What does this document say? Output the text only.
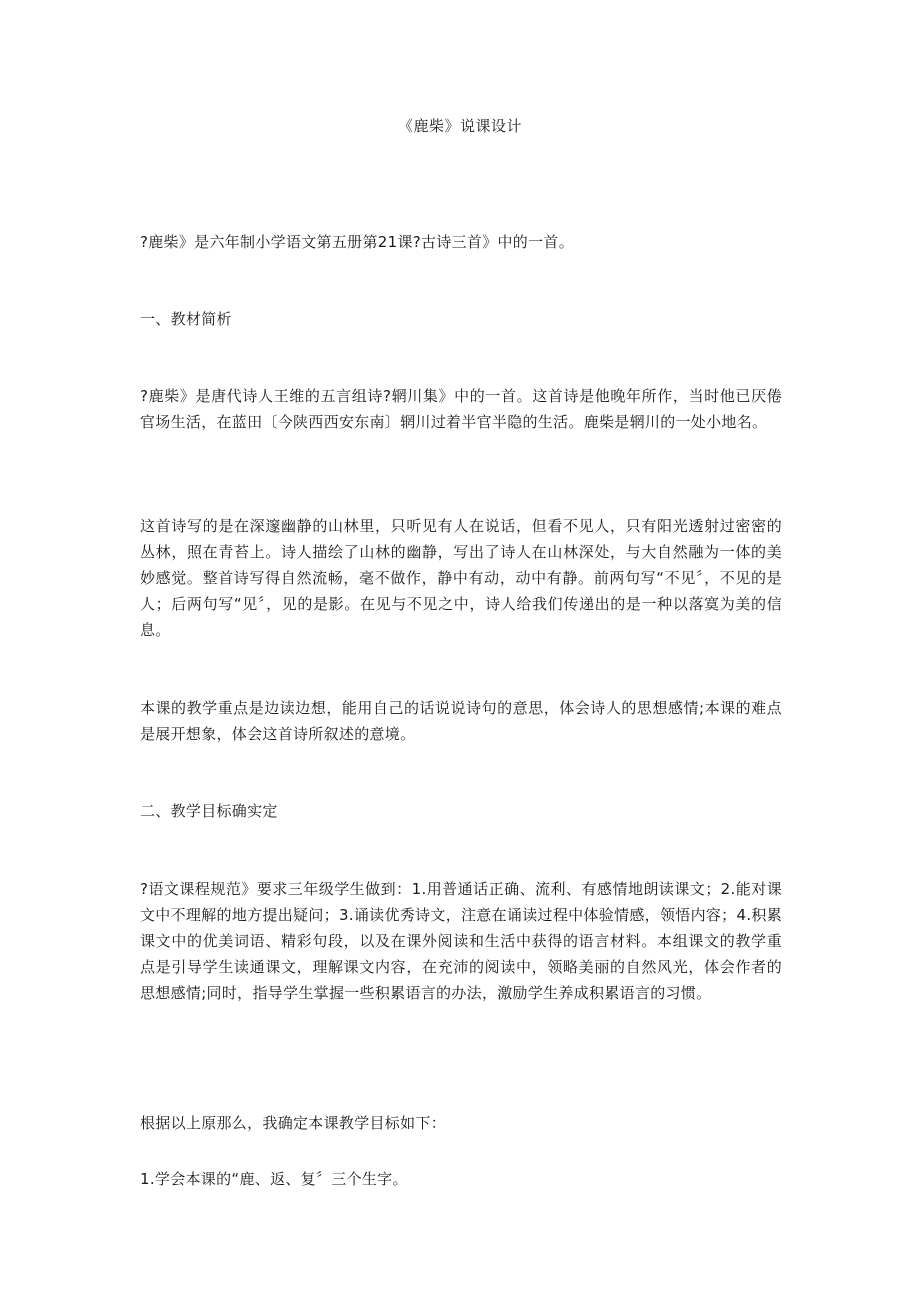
《鹿柴》说课设计

?鹿柴》是六年制小学语文第五册第21课?古诗三首》中的一首。

一、教材简析

?鹿柴》是唐代诗人王维的五言组诗?辋川集》中的一首。这首诗是他晚年所作，当时他已厌倦官场生活，在蓝田〔今陕西西安东南〕辋川过着半官半隐的生活。鹿柴是辋川的一处小地名。

这首诗写的是在深邃幽静的山林里，只听见有人在说话，但看不见人，只有阳光透射过密密的丛林，照在青苔上。诗人描绘了山林的幽静，写出了诗人在山林深处，与大自然融为一体的美妙感觉。整首诗写得自然流畅，毫不做作，静中有动，动中有静。前两句写“不见〞，不见的是人；后两句写“见〞，见的是影。在见与不见之中，诗人给我们传递出的是一种以落寞为美的信息。

本课的教学重点是边读边想，能用自己的话说说诗句的意思，体会诗人的思想感情;本课的难点是展开想象，体会这首诗所叙述的意境。

二、教学目标确实定

?语文课程规范》要求三年级学生做到：1.用普通话正确、流利、有感情地朗读课文；2.能对课文中不理解的地方提出疑问；3.诵读优秀诗文，注意在诵读过程中体验情感，领悟内容；4.积累课文中的优美词语、精彩句段，以及在课外阅读和生活中获得的语言材料。本组课文的教学重点是引导学生读通课文，理解课文内容，在充沛的阅读中，领略美丽的自然风光，体会作者的思想感情;同时，指导学生掌握一些积累语言的办法，激励学生养成积累语言的习惯。

根据以上原那么，我确定本课教学目标如下：

1.学会本课的“鹿、返、复〞三个生字。
